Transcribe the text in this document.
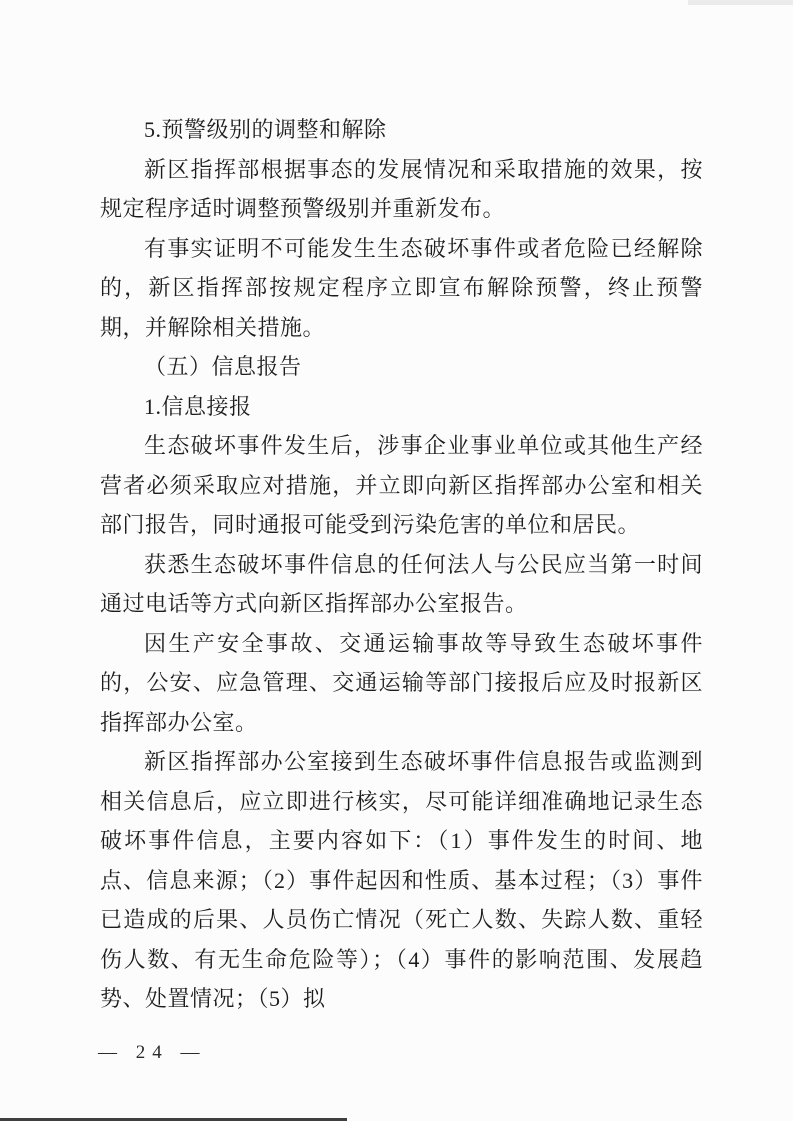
5.预警级别的调整和解除

新区指挥部根据事态的发展情况和采取措施的效果，按规定程序适时调整预警级别并重新发布。

有事实证明不可能发生生态破坏事件或者危险已经解除的，新区指挥部按规定程序立即宣布解除预警，终止预警期，并解除相关措施。

（五）信息报告

1.信息接报

生态破坏事件发生后，涉事企业事业单位或其他生产经营者必须采取应对措施，并立即向新区指挥部办公室和相关部门报告，同时通报可能受到污染危害的单位和居民。

获悉生态破坏事件信息的任何法人与公民应当第一时间通过电话等方式向新区指挥部办公室报告。

因生产安全事故、交通运输事故等导致生态破坏事件的，公安、应急管理、交通运输等部门接报后应及时报新区指挥部办公室。

新区指挥部办公室接到生态破坏事件信息报告或监测到相关信息后，应立即进行核实，尽可能详细准确地记录生态破坏事件信息，主要内容如下：（1）事件发生的时间、地点、信息来源；（2）事件起因和性质、基本过程；（3）事件已造成的后果、人员伤亡情况（死亡人数、失踪人数、重轻伤人数、有无生命危险等）；（4）事件的影响范围、发展趋势、处置情况；（5）拟

— 24 —
